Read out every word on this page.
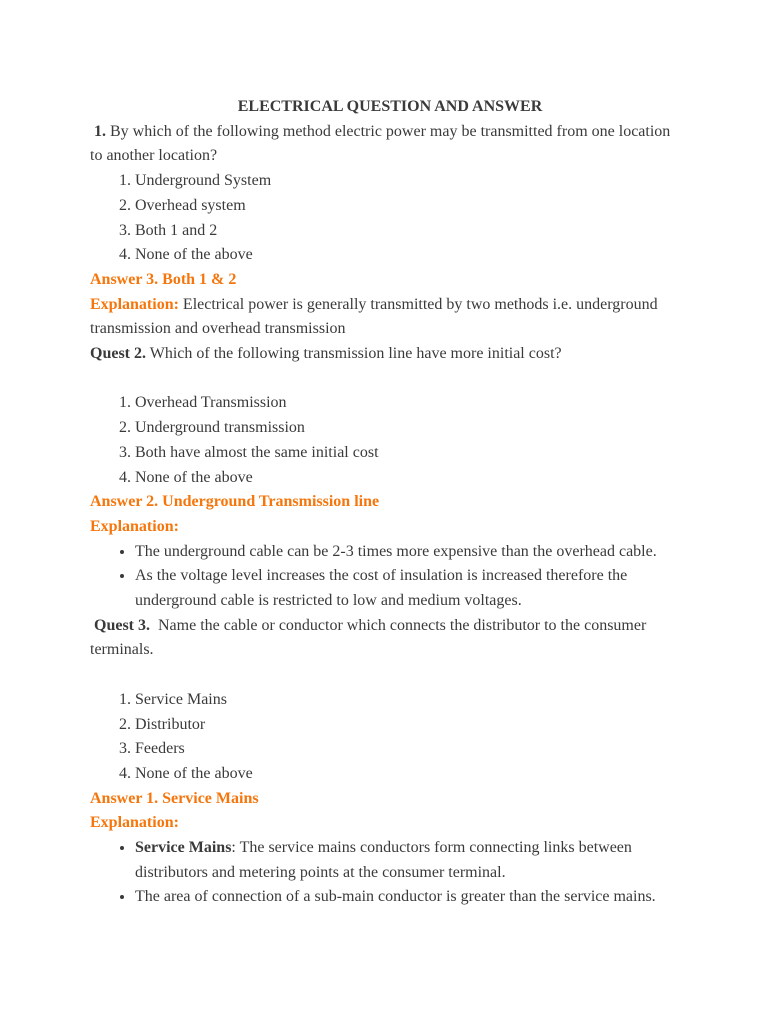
ELECTRICAL QUESTION AND ANSWER

1. By which of the following method electric power may be transmitted from one location to another location?

1. Underground System
2. Overhead system
3. Both 1 and 2
4. None of the above

Answer 3. Both 1 & 2

Explanation: Electrical power is generally transmitted by two methods i.e. underground transmission and overhead transmission

Quest 2. Which of the following transmission line have more initial cost?

1. Overhead Transmission
2. Underground transmission
3. Both have almost the same initial cost
4. None of the above

Answer 2. Underground Transmission line

Explanation:

• The underground cable can be 2-3 times more expensive than the overhead cable.
• As the voltage level increases the cost of insulation is increased therefore the underground cable is restricted to low and medium voltages.

Quest 3. Name the cable or conductor which connects the distributor to the consumer terminals.

1. Service Mains
2. Distributor
3. Feeders
4. None of the above

Answer 1. Service Mains

Explanation:

• Service Mains: The service mains conductors form connecting links between distributors and metering points at the consumer terminal.
• The area of connection of a sub-main conductor is greater than the service mains.
